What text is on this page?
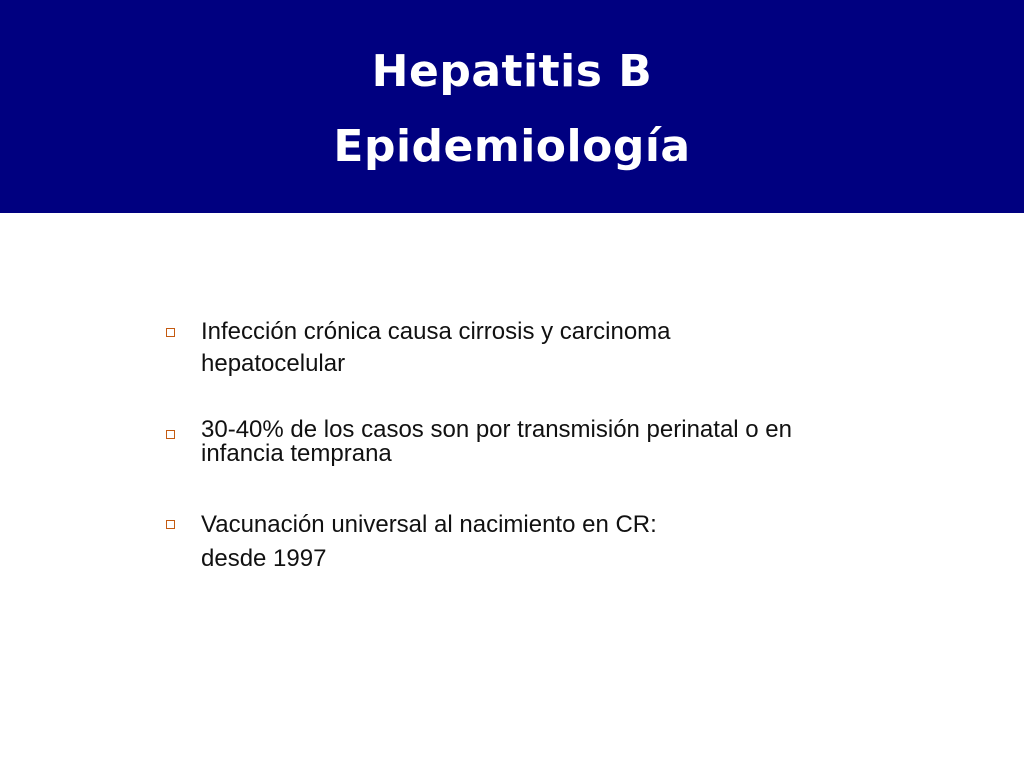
Hepatitis B
Epidemiología
Infección crónica causa cirrosis y carcinoma
hepatocelular
30-40% de los casos son por transmisión perinatal o en
infancia temprana
Vacunación universal al nacimiento en CR:
desde 1997
